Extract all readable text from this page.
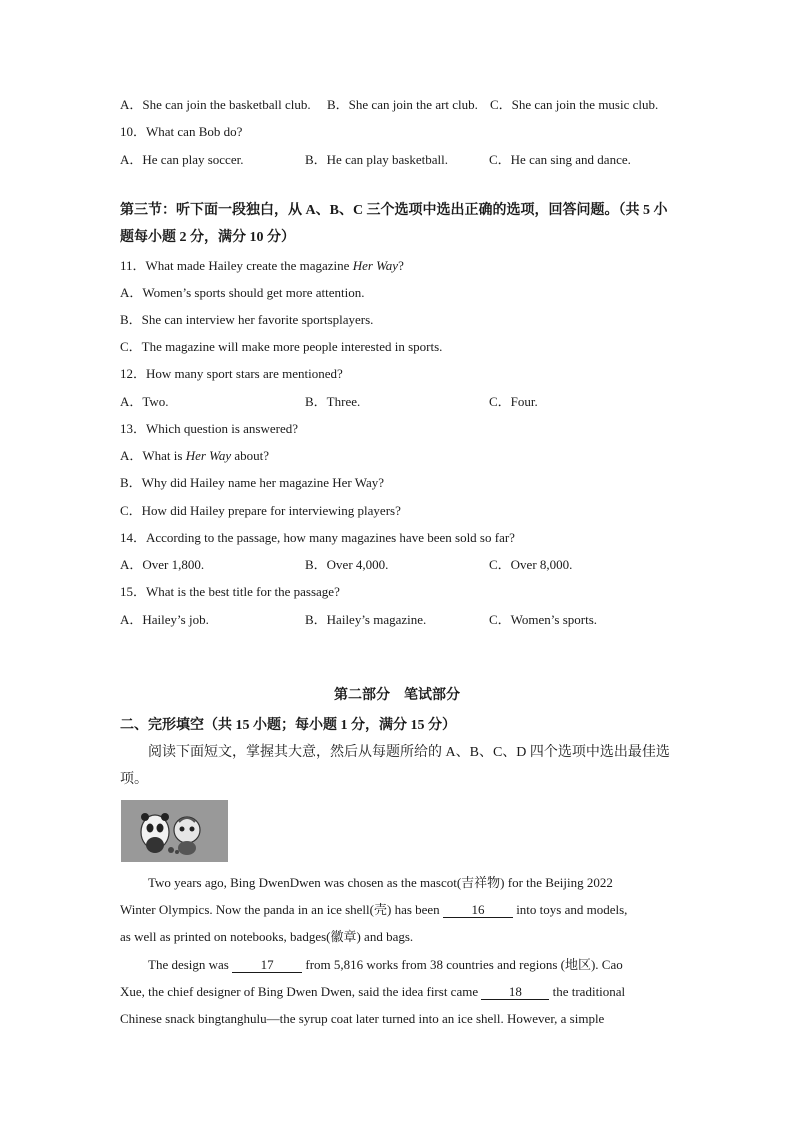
A．She can join the basketball club. B．She can join the art club. C．She can join the music club.
10．What can Bob do?
A．He can play soccer.	B．He can play basketball.	C．He can sing and dance.
第三节：听下面一段独白，从 A、B、C 三个选项中选出正确的选项，回答问题。（共 5 小
题每小题 2 分，满分 10 分）
11．What made Hailey create the magazine Her Way?
A．Women’s sports should get more attention.
B．She can interview her favorite sportsplayers.
C．The magazine will make more people interested in sports.
12．How many sport stars are mentioned?
A．Two.	B．Three.	C．Four.
13．Which question is answered?
A．What is Her Way about?
B．Why did Hailey name her magazine Her Way?
C．How did Hailey prepare for interviewing players?
14．According to the passage, how many magazines have been sold so far?
A．Over 1,800.	B．Over 4,000.	C．Over 8,000.
15．What is the best title for the passage?
A．Hailey’s job.	B．Hailey’s magazine.	C．Women’s sports.
第二部分　笔试部分
二、完形填空（共 15 小题；每小题 1 分，满分 15 分）
阅读下面短文，掌握其大意，然后从每题所给的 A、B、C、D 四个选项中选出最佳选
项。
Two years ago, Bing DwenDwen was chosen as the mascot(吉祥物) for the Beijing 2022
Winter Olympics. Now the panda in an ice shell(壳) has been 16 into toys and models,
as well as printed on notebooks, badges(徽章) and bags.
The design was 17 from 5,816 works from 38 countries and regions (地区). Cao
Xue, the chief designer of Bing Dwen Dwen, said the idea first came 18 the traditional
Chinese snack bingtanghulu—the syrup coat later turned into an ice shell. However, a simple
